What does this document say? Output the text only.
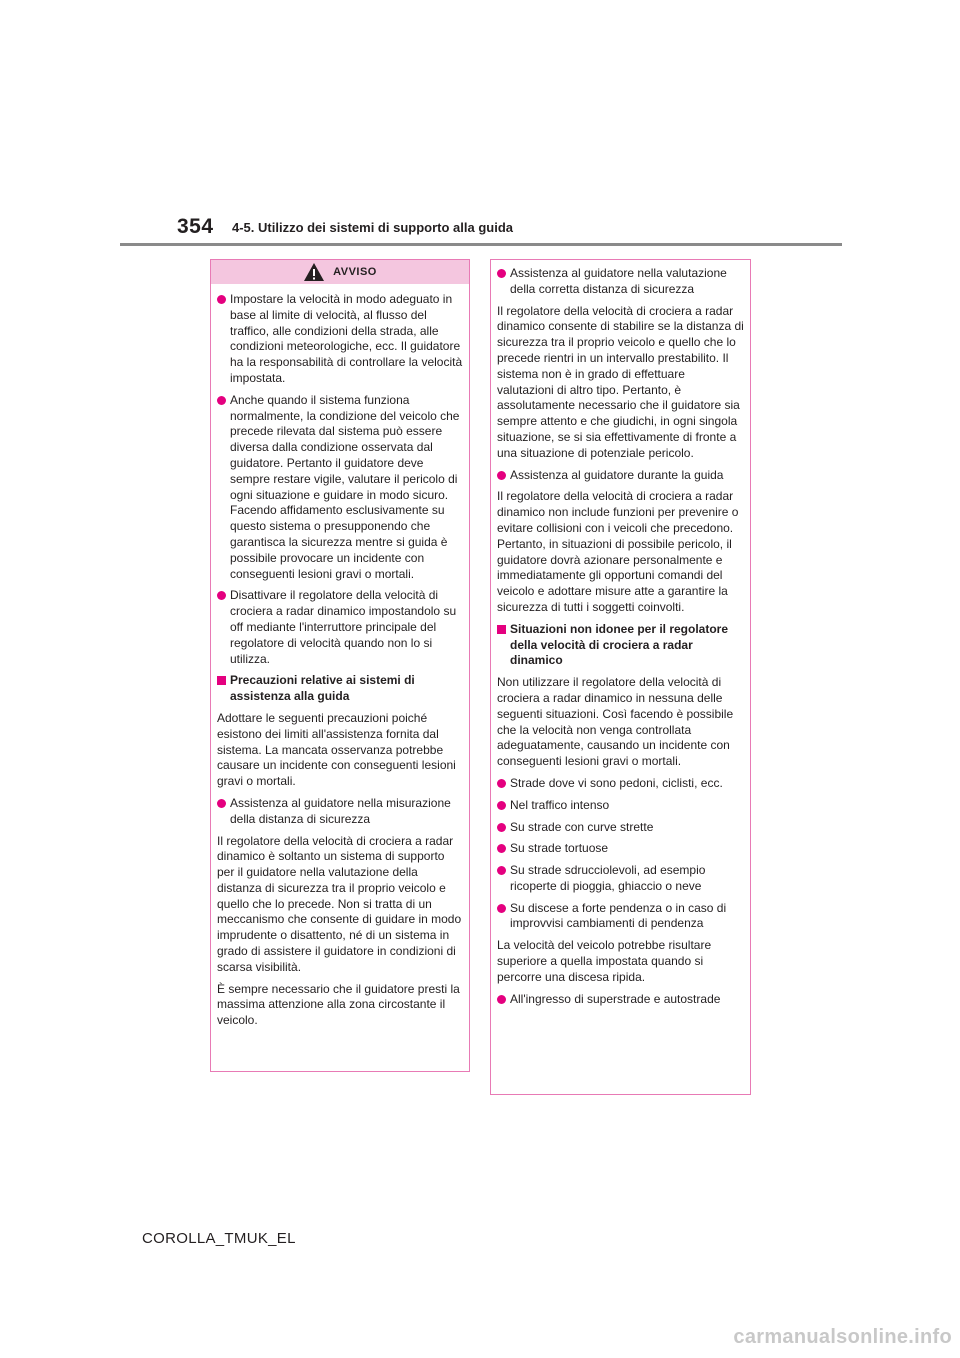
354 4-5. Utilizzo dei sistemi di supporto alla guida
AVVISO
Impostare la velocità in modo adeguato in base al limite di velocità, al flusso del traffico, alle condizioni della strada, alle condizioni meteorologiche, ecc. Il guidatore ha la responsabilità di controllare la velocità impostata.
Anche quando il sistema funziona normalmente, la condizione del veicolo che precede rilevata dal sistema può essere diversa dalla condizione osservata dal guidatore. Pertanto il guidatore deve sempre restare vigile, valutare il pericolo di ogni situazione e guidare in modo sicuro. Facendo affidamento esclusivamente su questo sistema o presupponendo che garantisca la sicurezza mentre si guida è possibile provocare un incidente con conseguenti lesioni gravi o mortali.
Disattivare il regolatore della velocità di crociera a radar dinamico impostandolo su off mediante l'interruttore principale del regolatore di velocità quando non lo si utilizza.
Precauzioni relative ai sistemi di assistenza alla guida

Adottare le seguenti precauzioni poiché esistono dei limiti all'assistenza fornita dal sistema. La mancata osservanza potrebbe causare un incidente con conseguenti lesioni gravi o mortali.

Assistenza al guidatore nella misurazione della distanza di sicurezza

Il regolatore della velocità di crociera a radar dinamico è soltanto un sistema di supporto per il guidatore nella valutazione della distanza di sicurezza tra il proprio veicolo e quello che lo precede. Non si tratta di un meccanismo che consente di guidare in modo imprudente o disattento, né di un sistema in grado di assistere il guidatore in condizioni di scarsa visibilità.

È sempre necessario che il guidatore presti la massima attenzione alla zona circostante il veicolo.

Assistenza al guidatore nella valutazione della corretta distanza di sicurezza

Il regolatore della velocità di crociera a radar dinamico consente di stabilire se la distanza di sicurezza tra il proprio veicolo e quello che lo precede rientri in un intervallo prestabilito. Il sistema non è in grado di effettuare valutazioni di altro tipo. Pertanto, è assolutamente necessario che il guidatore sia sempre attento e che giudichi, in ogni singola situazione, se si sia effettivamente di fronte a una situazione di potenziale pericolo.

Assistenza al guidatore durante la guida

Il regolatore della velocità di crociera a radar dinamico non include funzioni per prevenire o evitare collisioni con i veicoli che precedono. Pertanto, in situazioni di possibile pericolo, il guidatore dovrà azionare personalmente e immediatamente gli opportuni comandi del veicolo e adottare misure atte a garantire la sicurezza di tutti i soggetti coinvolti.

Situazioni non idonee per il regolatore della velocità di crociera a radar dinamico

Non utilizzare il regolatore della velocità di crociera a radar dinamico in nessuna delle seguenti situazioni. Così facendo è possibile che la velocità non venga controllata adeguatamente, causando un incidente con conseguenti lesioni gravi o mortali.

Strade dove vi sono pedoni, ciclisti, ecc.
Nel traffico intenso
Su strade con curve strette
Su strade tortuose
Su strade sdrucciolevoli, ad esempio ricoperte di pioggia, ghiaccio o neve
Su discese a forte pendenza o in caso di improvvisi cambiamenti di pendenza

La velocità del veicolo potrebbe risultare superiore a quella impostata quando si percorre una discesa ripida.

All'ingresso di superstrade e autostrade
COROLLA_TMUK_EL
carmanualsonline.info
